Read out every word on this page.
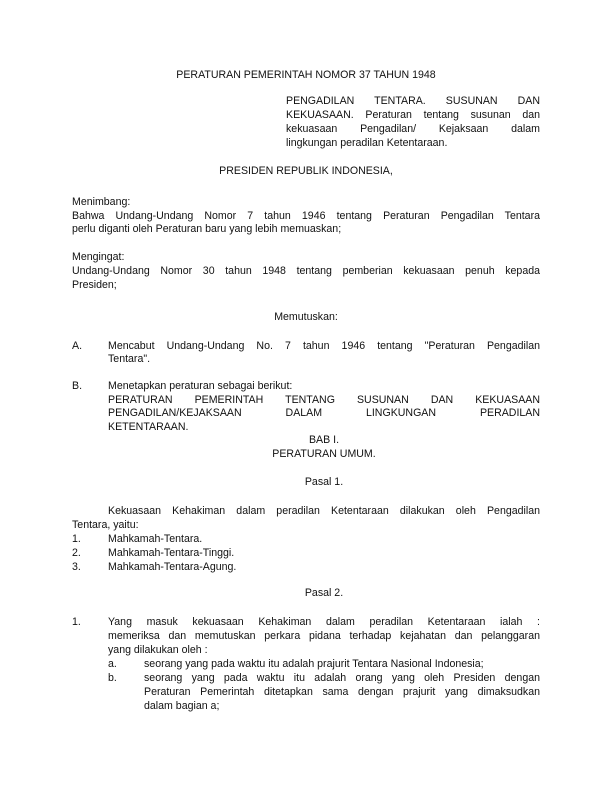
PERATURAN PEMERINTAH NOMOR 37 TAHUN 1948
PENGADILAN TENTARA. SUSUNAN DAN
KEKUASAAN. Peraturan tentang susunan dan
kekuasaan Pengadilan/ Kejaksaan dalam
lingkungan peradilan Ketentaraan.
PRESIDEN REPUBLIK INDONESIA,
Menimbang:
Bahwa Undang-Undang Nomor 7 tahun 1946 tentang Peraturan Pengadilan Tentara
perlu diganti oleh Peraturan baru yang lebih memuaskan;
Mengingat:
Undang-Undang Nomor 30 tahun 1948 tentang pemberian kekuasaan penuh kepada
Presiden;
Memutuskan:
A. Mencabut Undang-Undang No. 7 tahun 1946 tentang "Peraturan Pengadilan
Tentara".
B. Menetapkan peraturan sebagai berikut:
PERATURAN PEMERINTAH TENTANG SUSUNAN DAN KEKUASAAN
PENGADILAN/KEJAKSAAN DALAM LINGKUNGAN PERADILAN
KETENTARAAN.
BAB I.
PERATURAN UMUM.
Pasal 1.
Kekuasaan Kehakiman dalam peradilan Ketentaraan dilakukan oleh Pengadilan
Tentara, yaitu:
1.	Mahkamah-Tentara.
2.	Mahkamah-Tentara-Tinggi.
3.	Mahkamah-Tentara-Agung.
Pasal 2.
1.	Yang masuk kekuasaan Kehakiman dalam peradilan Ketentaraan ialah :
memeriksa dan memutuskan perkara pidana terhadap kejahatan dan pelanggaran
yang dilakukan oleh :
a.	seorang yang pada waktu itu adalah prajurit Tentara Nasional Indonesia;
b.	seorang yang pada waktu itu adalah orang yang oleh Presiden dengan
Peraturan Pemerintah ditetapkan sama dengan prajurit yang dimaksudkan
dalam bagian a;
